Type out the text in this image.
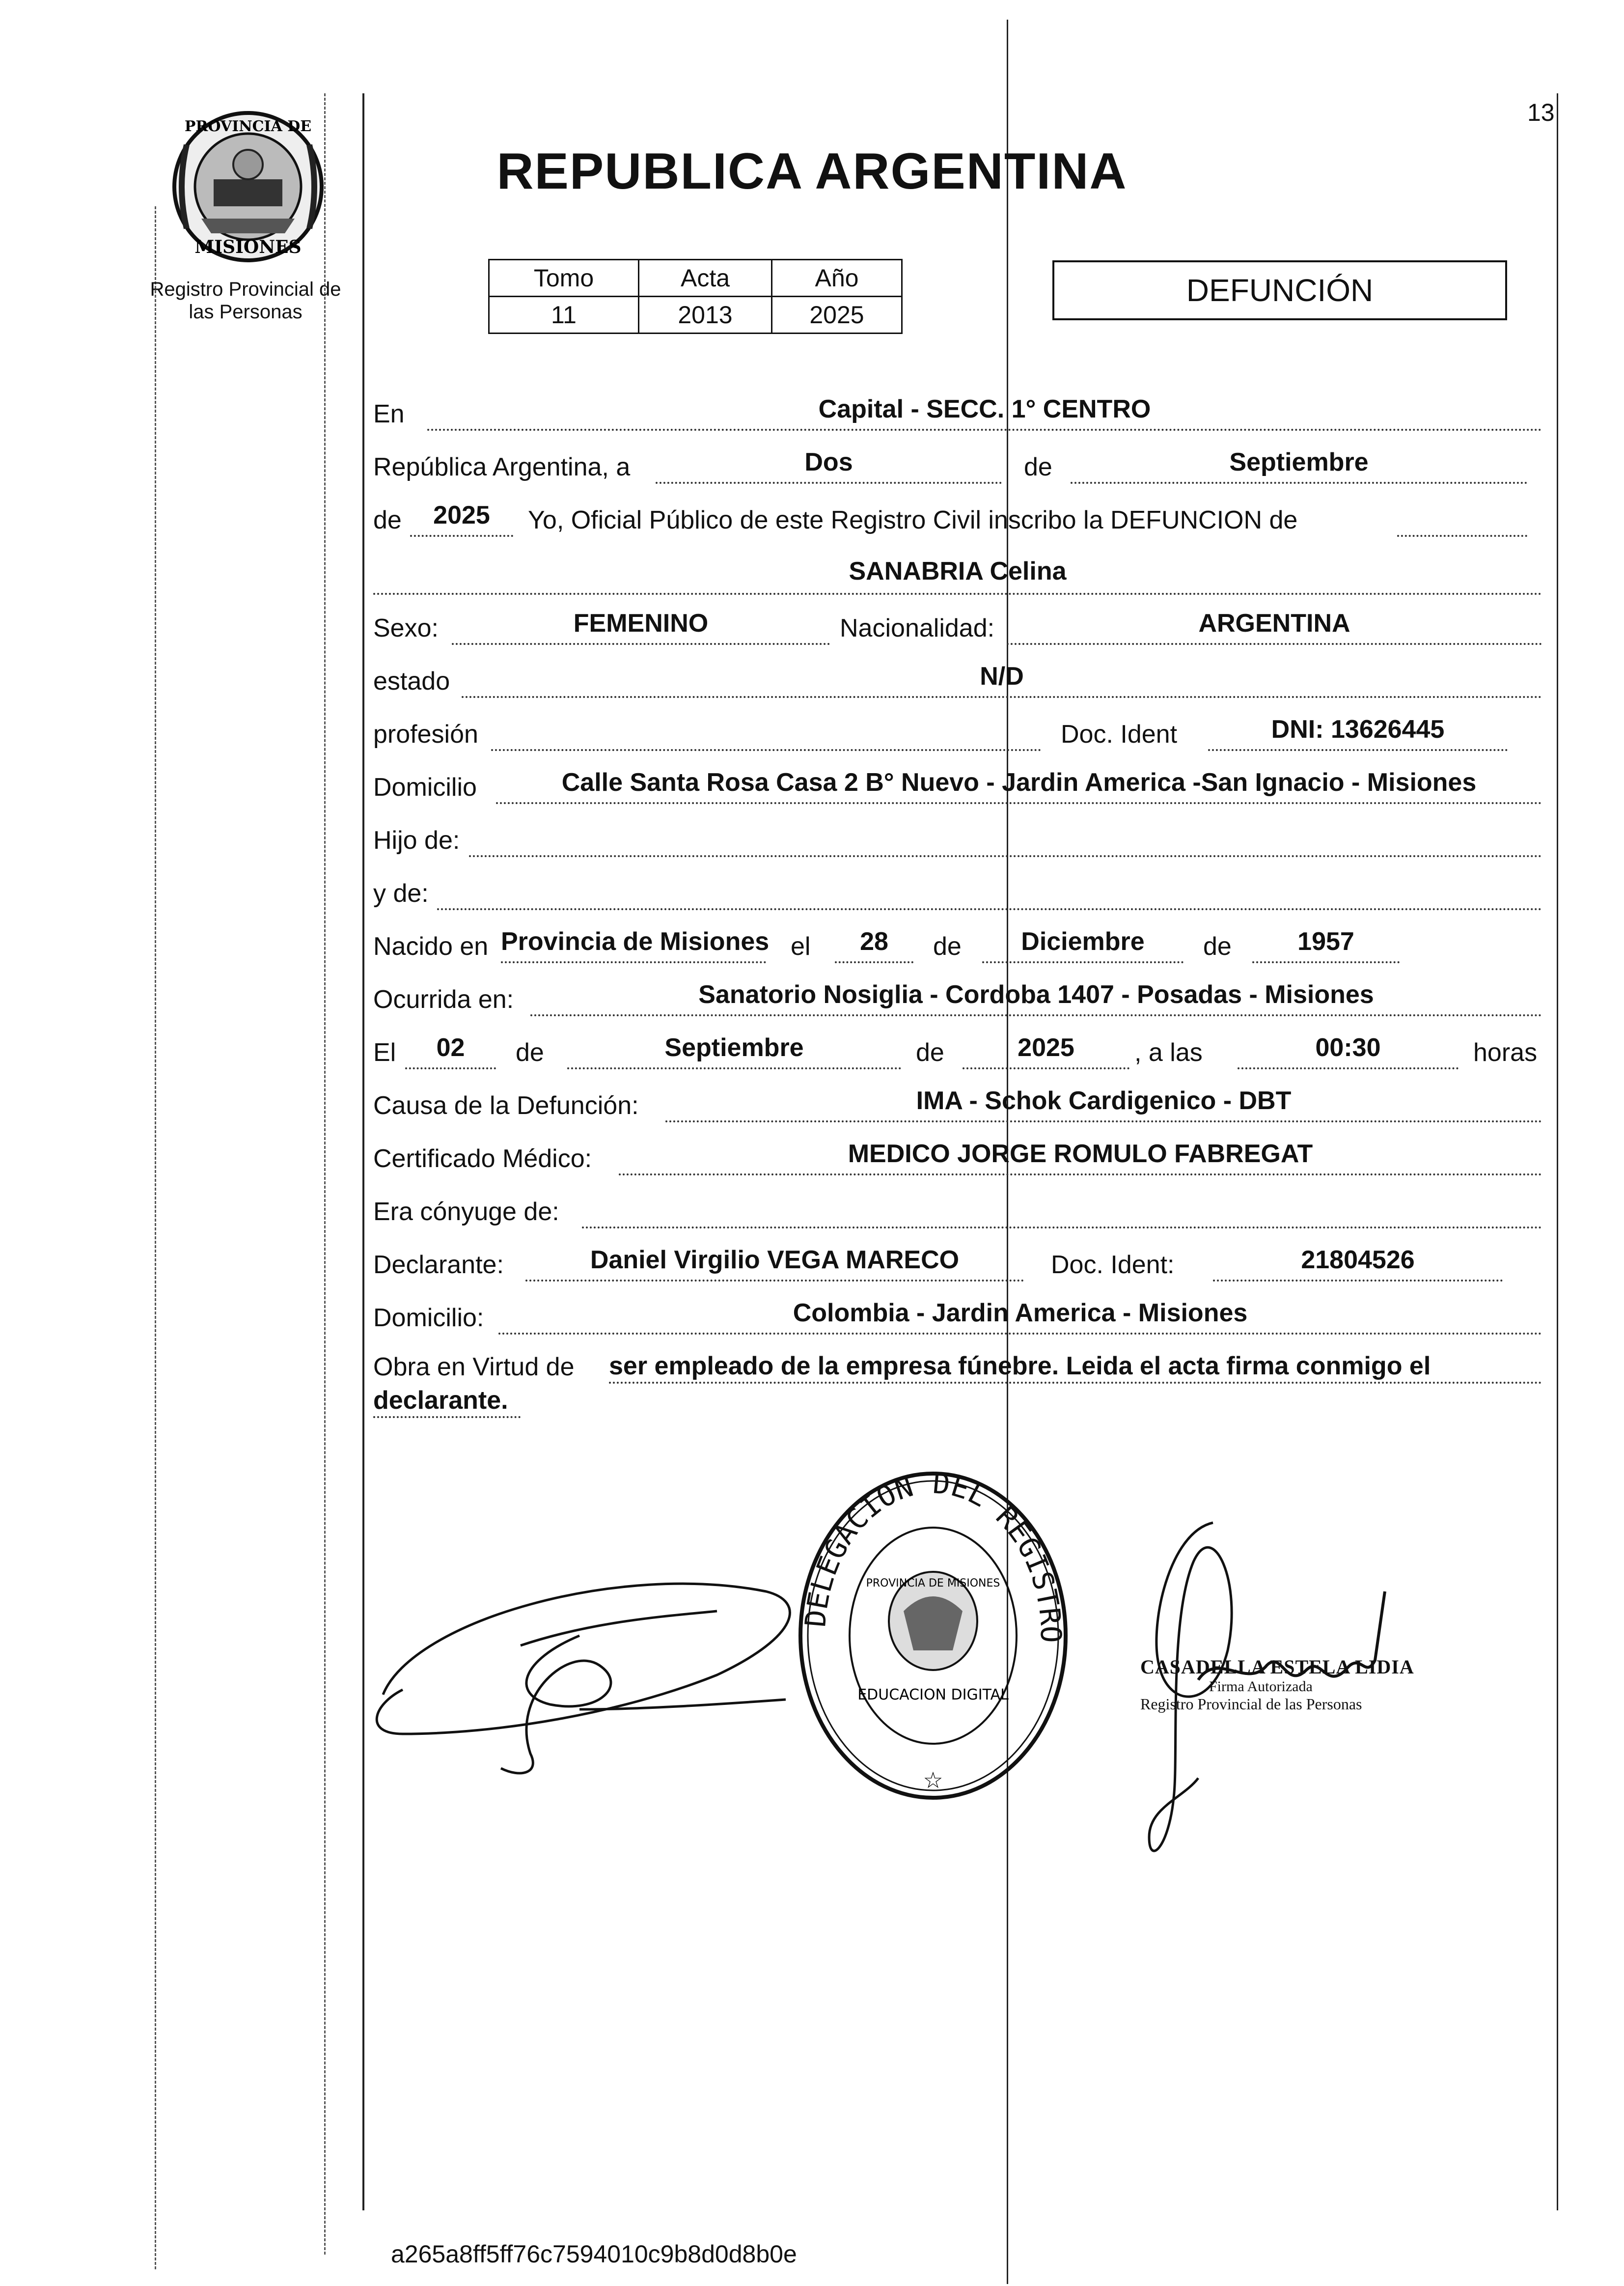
13
PROVINCIA DE
MISIONES
Registro Provincial de
las Personas
REPUBLICA ARGENTINA
Tomo	Acta	Año
11	2013	2025
DEFUNCIÓN
En	Capital - SECC. 1° CENTRO
República Argentina, a	Dos	de	Septiembre
de	2025	Yo, Oficial Público de este Registro Civil inscribo la DEFUNCION de
SANABRIA Celina
Sexo:	FEMENINO	Nacionalidad:	ARGENTINA
estado	N/D
profesión	Doc. Ident	DNI: 13626445
Domicilio	Calle Santa Rosa Casa 2 B° Nuevo - Jardin America -San Ignacio - Misiones
Hijo de:
y de:
Nacido en Provincia de Misiones el	28	de	Diciembre	de	1957
Ocurrida en:	Sanatorio Nosiglia - Cordoba 1407 - Posadas - Misiones
El	02	de	Septiembre	de	2025	, a las	00:30	horas
Causa de la Defunción:	IMA - Schok Cardigenico - DBT
Certificado Médico:	MEDICO JORGE ROMULO FABREGAT
Era cónyuge de:
Declarante:	Daniel Virgilio VEGA MARECO	Doc. Ident:	21804526
Domicilio:	Colombia - Jardin America - Misiones
Obra en Virtud de ser empleado de la empresa fúnebre. Leida el acta firma conmigo el
declarante.
DELEGACION DEL REGISTRO
PROVINCIA DE MISIONES
EDUCACION DIGITAL
☆
CASADELLA ESTELA LIDIA
Firma Autorizada
Registro Provincial de las Personas
a265a8ff5ff76c7594010c9b8d0d8b0e
